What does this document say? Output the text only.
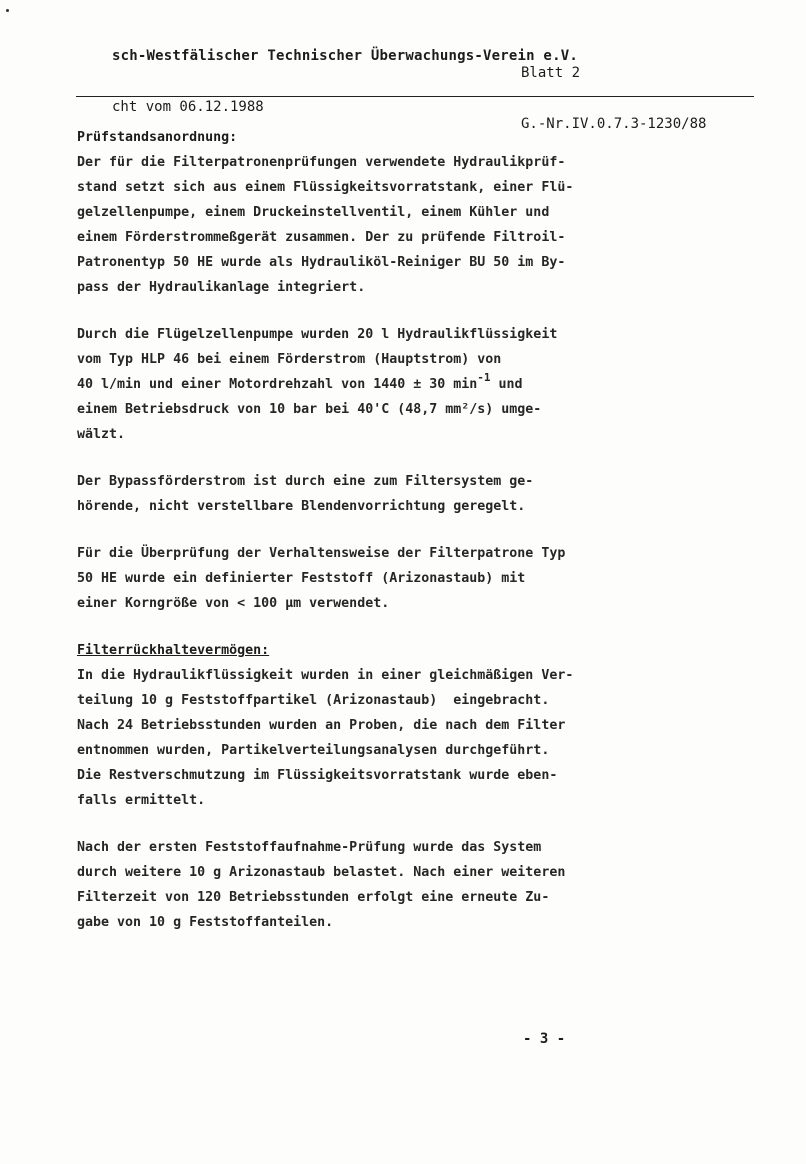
sch-Westfälischer Technischer Überwachungs-Verein e.V.

cht vom 06.12.1988

Blatt 2

G.-Nr.IV.0.7.3-1230/88

Prüfstandsanordnung:
Der für die Filterpatronenprüfungen verwendete Hydraulikprüf-
stand setzt sich aus einem Flüssigkeitsvorratstank, einer Flü-
gelzellenpumpe, einem Druckeinstellventil, einem Kühler und
einem Förderstrommeßgerät zusammen. Der zu prüfende Filtroil-
Patronentyp 50 HE wurde als Hydrauliköl-Reiniger BU 50 im By-
pass der Hydraulikanlage integriert.
Durch die Flügelzellenpumpe wurden 20 l Hydraulikflüssigkeit
vom Typ HLP 46 bei einem Förderstrom (Hauptstrom) von
40 l/min und einer Motordrehzahl von 1440 ± 30 $\min^{-1}$ und
einem Betriebsdruck von 10 bar bei 40'C (48,7 mm²/s) umge-
wälzt.
Der Bypassförderstrom ist durch eine zum Filtersystem ge-
hörende, nicht verstellbare Blendenvorrichtung geregelt.
Für die Überprüfung der Verhaltensweise der Filterpatrone Typ
50 HE wurde ein definierter Feststoff (Arizonastaub) mit
einer Korngröße von < 100 µm verwendet.
Filterrückhaltevermögen:
In die Hydraulikflüssigkeit wurden in einer gleichmäßigen Ver-
teilung 10 g Feststoffpartikel (Arizonastaub)  eingebracht.
Nach 24 Betriebsstunden wurden an Proben, die nach dem Filter
entnommen wurden, Partikelverteilungsanalysen durchgeführt.
Die Restverschmutzung im Flüssigkeitsvorratstank wurde eben-
falls ermittelt.
Nach der ersten Feststoffaufnahme-Prüfung wurde das System
durch weitere 10 g Arizonastaub belastet. Nach einer weiteren
Filterzeit von 120 Betriebsstunden erfolgt eine erneute Zu-
gabe von 10 g Feststoffanteilen.
- 3 -
